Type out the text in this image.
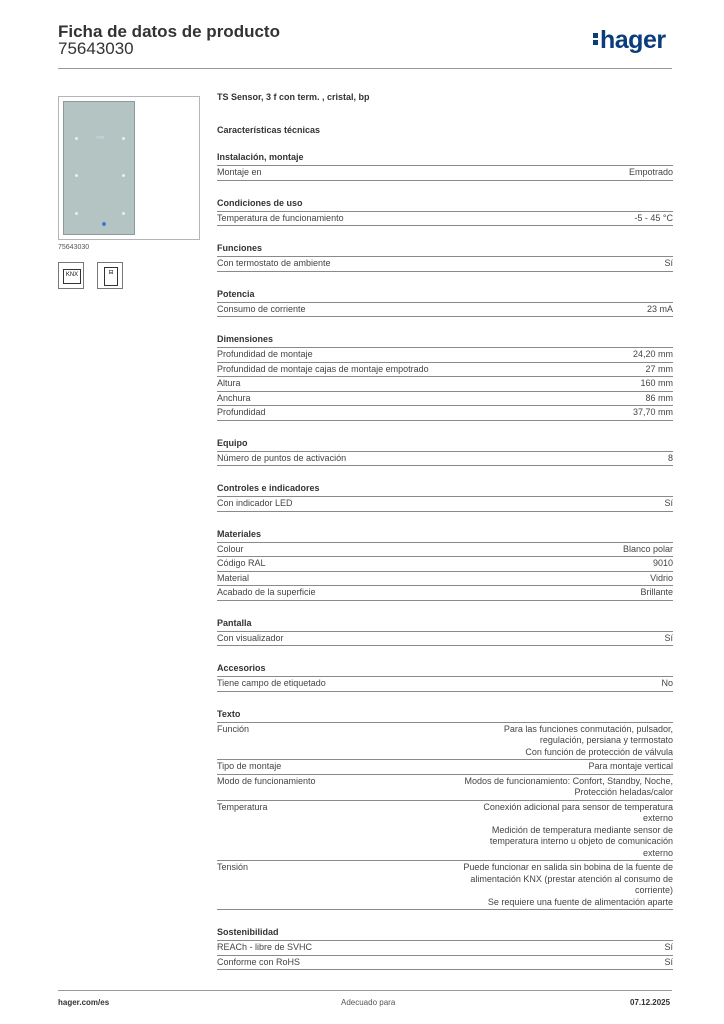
Ficha de datos de producto
75643030	hager
▫▫▫
75643030
KNX	⊟
TS Sensor, 3 f con term. , cristal, bp
Características técnicas
Instalación, montaje
Montaje en	Empotrado
Condiciones de uso
Temperatura de funcionamiento	-5 - 45 °C
Funciones
Con termostato de ambiente	Sí
Potencia
Consumo de corriente	23 mA
Dimensiones
Profundidad de montaje	24,20 mm
Profundidad de montaje cajas de montaje empotrado	27 mm
Altura	160 mm
Anchura	86 mm
Profundidad	37,70 mm
Equipo
Número de puntos de activación	8
Controles e indicadores
Con indicador LED	Sí
Materiales
Colour	Blanco polar
Código RAL	9010
Material	Vidrio
Acabado de la superficie	Brillante
Pantalla
Con visualizador	Sí
Accesorios
Tiene campo de etiquetado	No
Texto
Función	Para las funciones conmutación, pulsador,
regulación, persiana y termostato
Con función de protección de válvula
Tipo de montaje	Para montaje vertical
Modo de funcionamiento	Modos de funcionamiento: Confort, Standby, Noche,
Protección heladas/calor
Temperatura	Conexión adicional para sensor de temperatura
externo
Medición de temperatura mediante sensor de
temperatura interno u objeto de comunicación
externo
Tensión	Puede funcionar en salida sin bobina de la fuente de
alimentación KNX (prestar atención al consumo de
corriente)
Se requiere una fuente de alimentación aparte
Sostenibilidad
REACh - libre de SVHC	Sí
Conforme con RoHS	Sí
hager.com/es	Adecuado para	07.12.2025
